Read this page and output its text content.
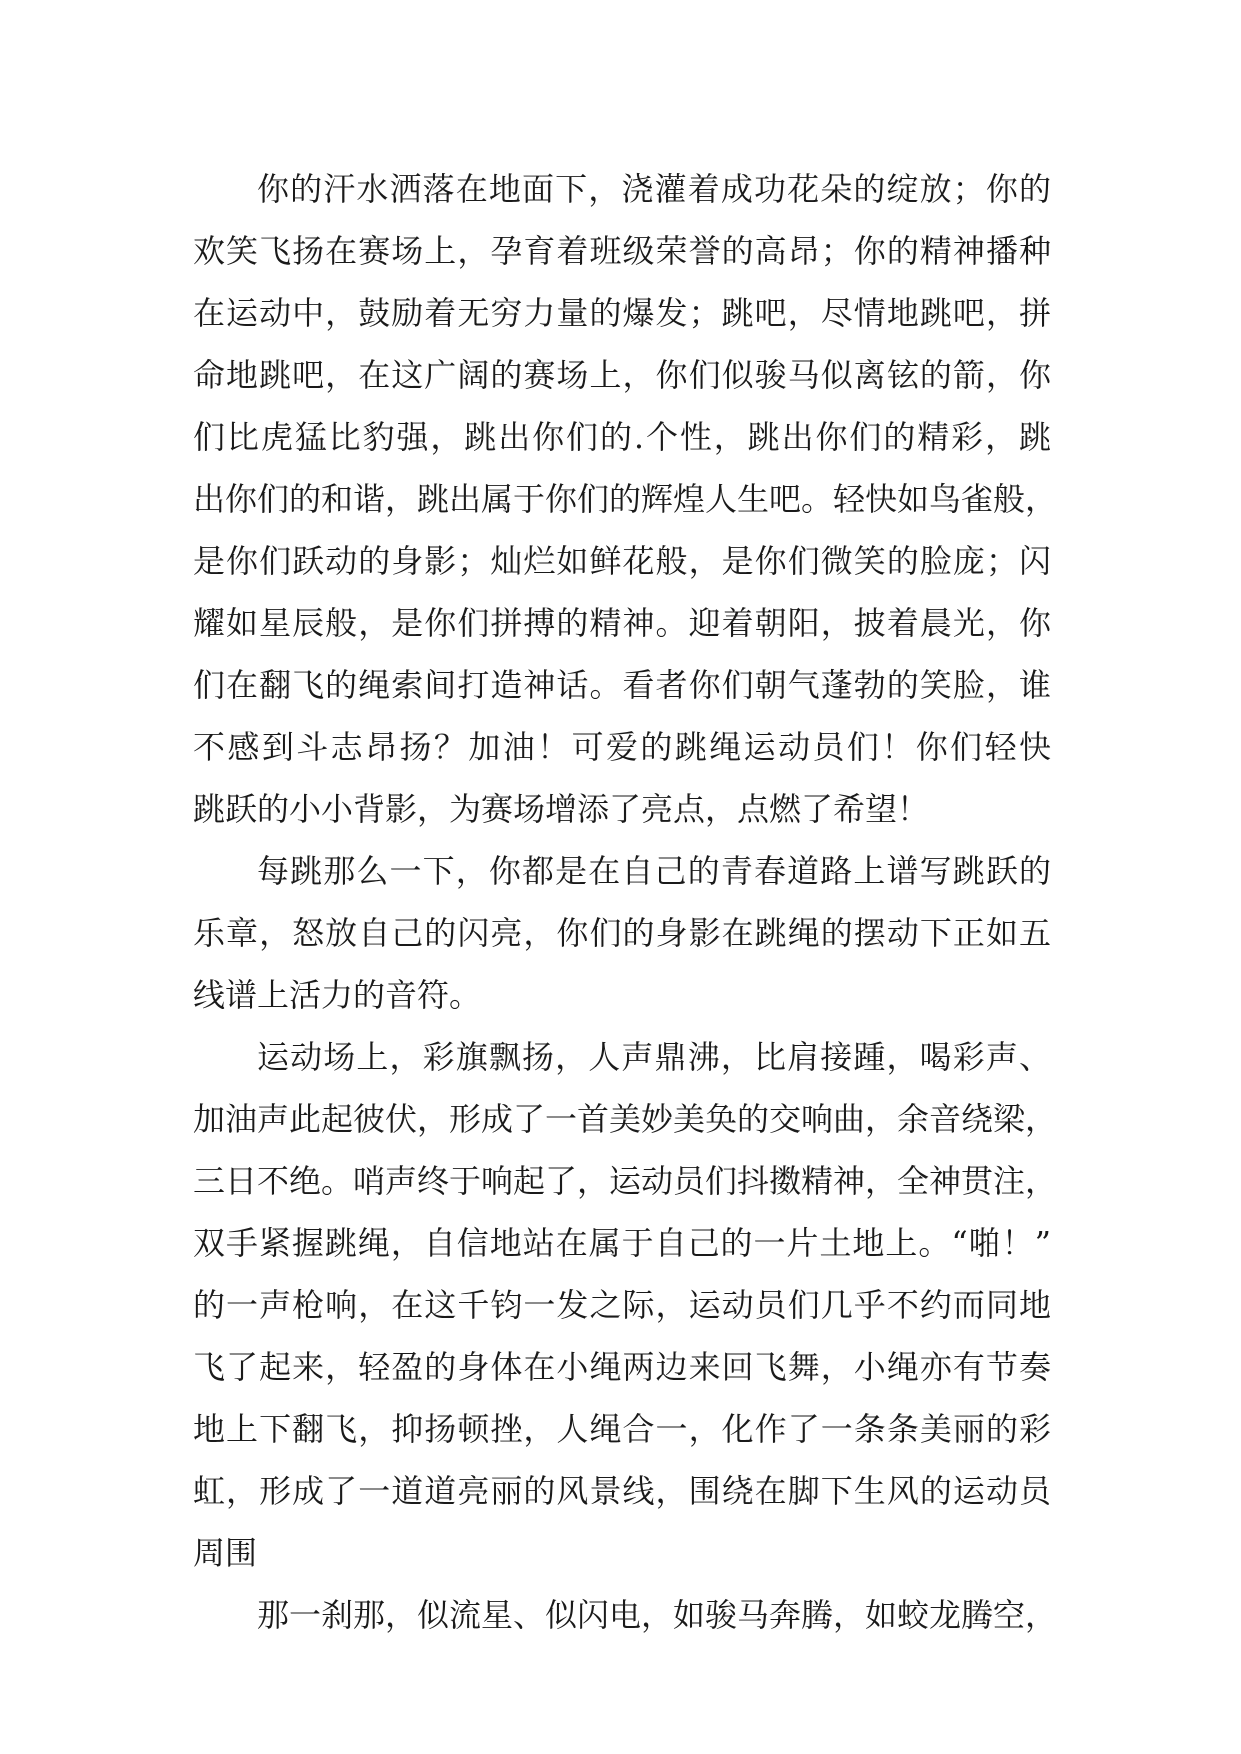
你的汗水洒落在地面下，浇灌着成功花朵的绽放；你的
欢笑飞扬在赛场上，孕育着班级荣誉的高昂；你的精神播种
在运动中，鼓励着无穷力量的爆发；跳吧，尽情地跳吧，拼
命地跳吧，在这广阔的赛场上，你们似骏马似离铉的箭，你
们比虎猛比豹强，跳出你们的.个性，跳出你们的精彩，跳
出你们的和谐，跳出属于你们的辉煌人生吧。轻快如鸟雀般，
是你们跃动的身影；灿烂如鲜花般，是你们微笑的脸庞；闪
耀如星辰般，是你们拼搏的精神。迎着朝阳，披着晨光，你
们在翻飞的绳索间打造神话。看者你们朝气蓬勃的笑脸，谁
不感到斗志昂扬？加油！可爱的跳绳运动员们！你们轻快
跳跃的小小背影，为赛场增添了亮点，点燃了希望！
每跳那么一下，你都是在自己的青春道路上谱写跳跃的
乐章，怒放自己的闪亮，你们的身影在跳绳的摆动下正如五
线谱上活力的音符。
运动场上，彩旗飘扬，人声鼎沸，比肩接踵，喝彩声、
加油声此起彼伏，形成了一首美妙美奂的交响曲，余音绕梁，
三日不绝。哨声终于响起了，运动员们抖擞精神，全神贯注，
双手紧握跳绳，自信地站在属于自己的一片土地上。“啪！”
的一声枪响，在这千钧一发之际，运动员们几乎不约而同地
飞了起来，轻盈的身体在小绳两边来回飞舞，小绳亦有节奏
地上下翻飞，抑扬顿挫，人绳合一，化作了一条条美丽的彩
虹，形成了一道道亮丽的风景线，围绕在脚下生风的运动员
周围
那一刹那，似流星、似闪电，如骏马奔腾，如蛟龙腾空，
